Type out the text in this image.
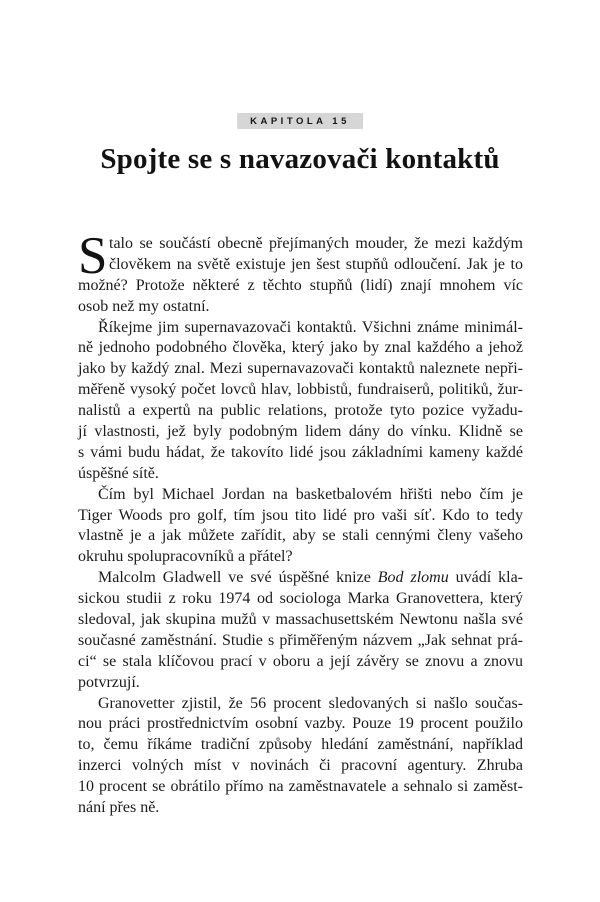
KAPITOLA 15
Spojte se s navazovači kontaktů
S talo se součástí obecně přejímaných mouder, že mezi každým
člověkem na světě existuje jen šest stupňů odloučení. Jak je to
možné? Protože některé z těchto stupňů (lidí) znají mnohem víc
osob než my ostatní.
Říkejme jim supernavazovači kontaktů. Všichni známe minimál-
ně jednoho podobného člověka, který jako by znal každého a jehož
jako by každý znal. Mezi supernavazovači kontaktů naleznete nepři-
měřeně vysoký počet lovců hlav, lobbistů, fundraiserů, politiků, žur-
nalistů a expertů na public relations, protože tyto pozice vyžadu-
jí vlastnosti, jež byly podobným lidem dány do vínku. Klidně se
s vámi budu hádat, že takovíto lidé jsou základními kameny každé
úspěšné sítě.
Čím byl Michael Jordan na basketbalovém hřišti nebo čím je
Tiger Woods pro golf, tím jsou tito lidé pro vaši síť. Kdo to tedy
vlastně je a jak můžete zařídit, aby se stali cennými členy vašeho
okruhu spolupracovníků a přátel?
Malcolm Gladwell ve své úspěšné knize Bod zlomu uvádí kla-
sickou studii z roku 1974 od sociologa Marka Granovettera, který
sledoval, jak skupina mužů v massachusettském Newtonu našla své
současné zaměstnání. Studie s přiměřeným názvem „Jak sehnat prá-
ci“ se stala klíčovou prací v oboru a její závěry se znovu a znovu
potvrzují.
Granovetter zjistil, že 56 procent sledovaných si našlo součas-
nou práci prostřednictvím osobní vazby. Pouze 19 procent použilo
to, čemu říkáme tradiční způsoby hledání zaměstnání, například
inzerci volných míst v novinách či pracovní agentury. Zhruba
10 procent se obrátilo přímo na zaměstnavatele a sehnalo si zaměst-
nání přes ně.
